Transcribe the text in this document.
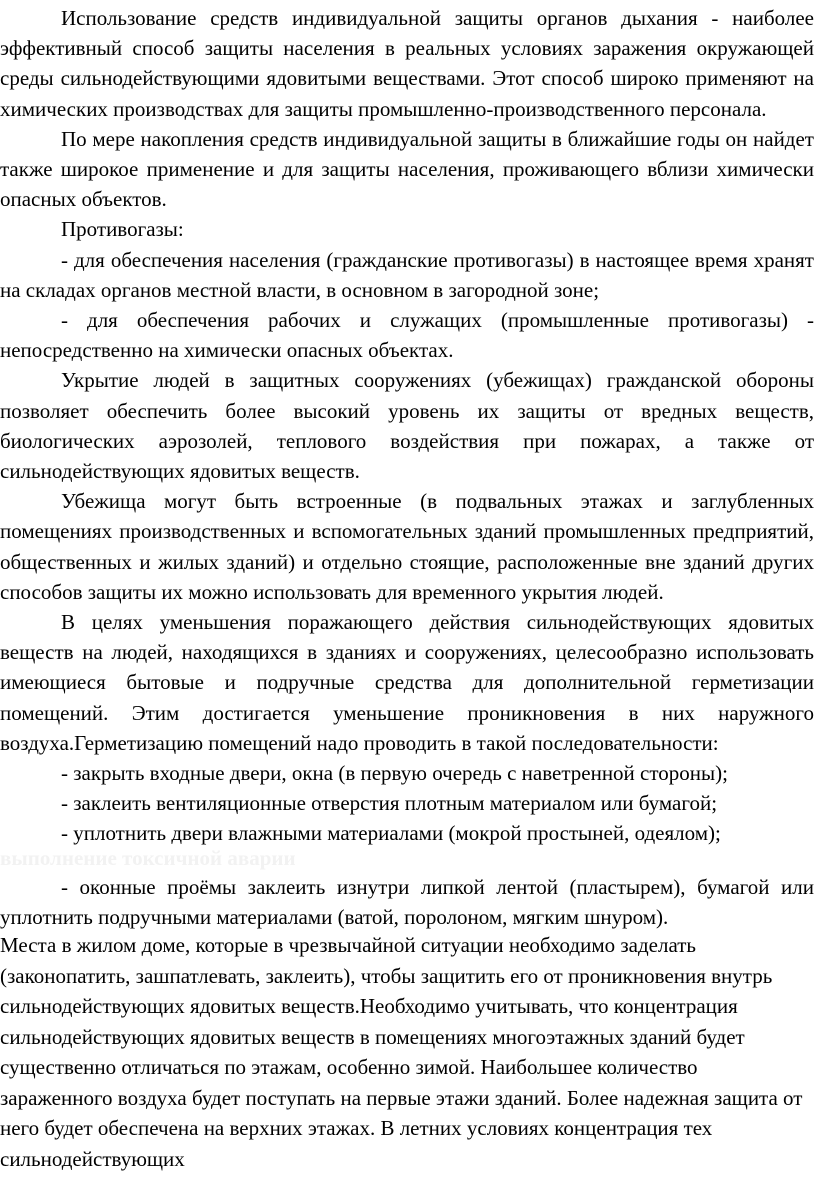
Использование средств индивидуальной защиты органов дыхания - наиболее эффективный способ защиты населения в реальных условиях заражения окружающей среды сильнодействующими ядовитыми веществами. Этот способ широко применяют на химических производствах для защиты промышленно-производственного персонала.

По мере накопления средств индивидуальной защиты в ближайшие годы он найдет также широкое применение и для защиты населения, проживающего вблизи химически опасных объектов.

Противогазы:

- для обеспечения населения (гражданские противогазы) в настоящее время хранят на складах органов местной власти, в основном в загородной зоне;

- для обеспечения рабочих и служащих (промышленные противогазы) - непосредственно на химически опасных объектах.

Укрытие людей в защитных сооружениях (убежищах) гражданской обороны позволяет обеспечить более высокий уровень их защиты от вредных веществ, биологических аэрозолей, теплового воздействия при пожарах, а также от сильнодействующих ядовитых веществ.

Убежища могут быть встроенные (в подвальных этажах и заглубленных помещениях производственных и вспомогательных зданий промышленных предприятий, общественных и жилых зданий) и отдельно стоящие, расположенные вне зданий других способов защиты их можно использовать для временного укрытия людей.

В целях уменьшения поражающего действия сильнодействующих ядовитых веществ на людей, находящихся в зданиях и сооружениях, целесообразно использовать имеющиеся бытовые и подручные средства для дополнительной герметизации помещений. Этим достигается уменьшение проникновения в них наружного воздуха.Герметизацию помещений надо проводить в такой последовательности:

- закрыть входные двери, окна (в первую очередь с наветренной стороны);

- заклеить вентиляционные отверстия плотным материалом или бумагой;

- уплотнить двери влажными материалами (мокрой простыней, одеялом);

выполнение токсичной аварии

- оконные проёмы заклеить изнутри липкой лентой (пластырем), бумагой или уплотнить подручными материалами (ватой, поролоном, мягким шнуром).

Места в жилом доме, которые в чрезвычайной ситуации необходимо заделать (законопатить, зашпатлевать, заклеить), чтобы защитить его от проникновения внутрь сильнодействующих ядовитых веществ.Необходимо учитывать, что концентрация сильнодействующих ядовитых веществ в помещениях многоэтажных зданий будет существенно отличаться по этажам, особенно зимой. Наибольшее количество зараженного воздуха будет поступать на первые этажи зданий. Более надежная защита от него будет обеспечена на верхних этажах. В летних условиях концентрация тех сильнодействующих
